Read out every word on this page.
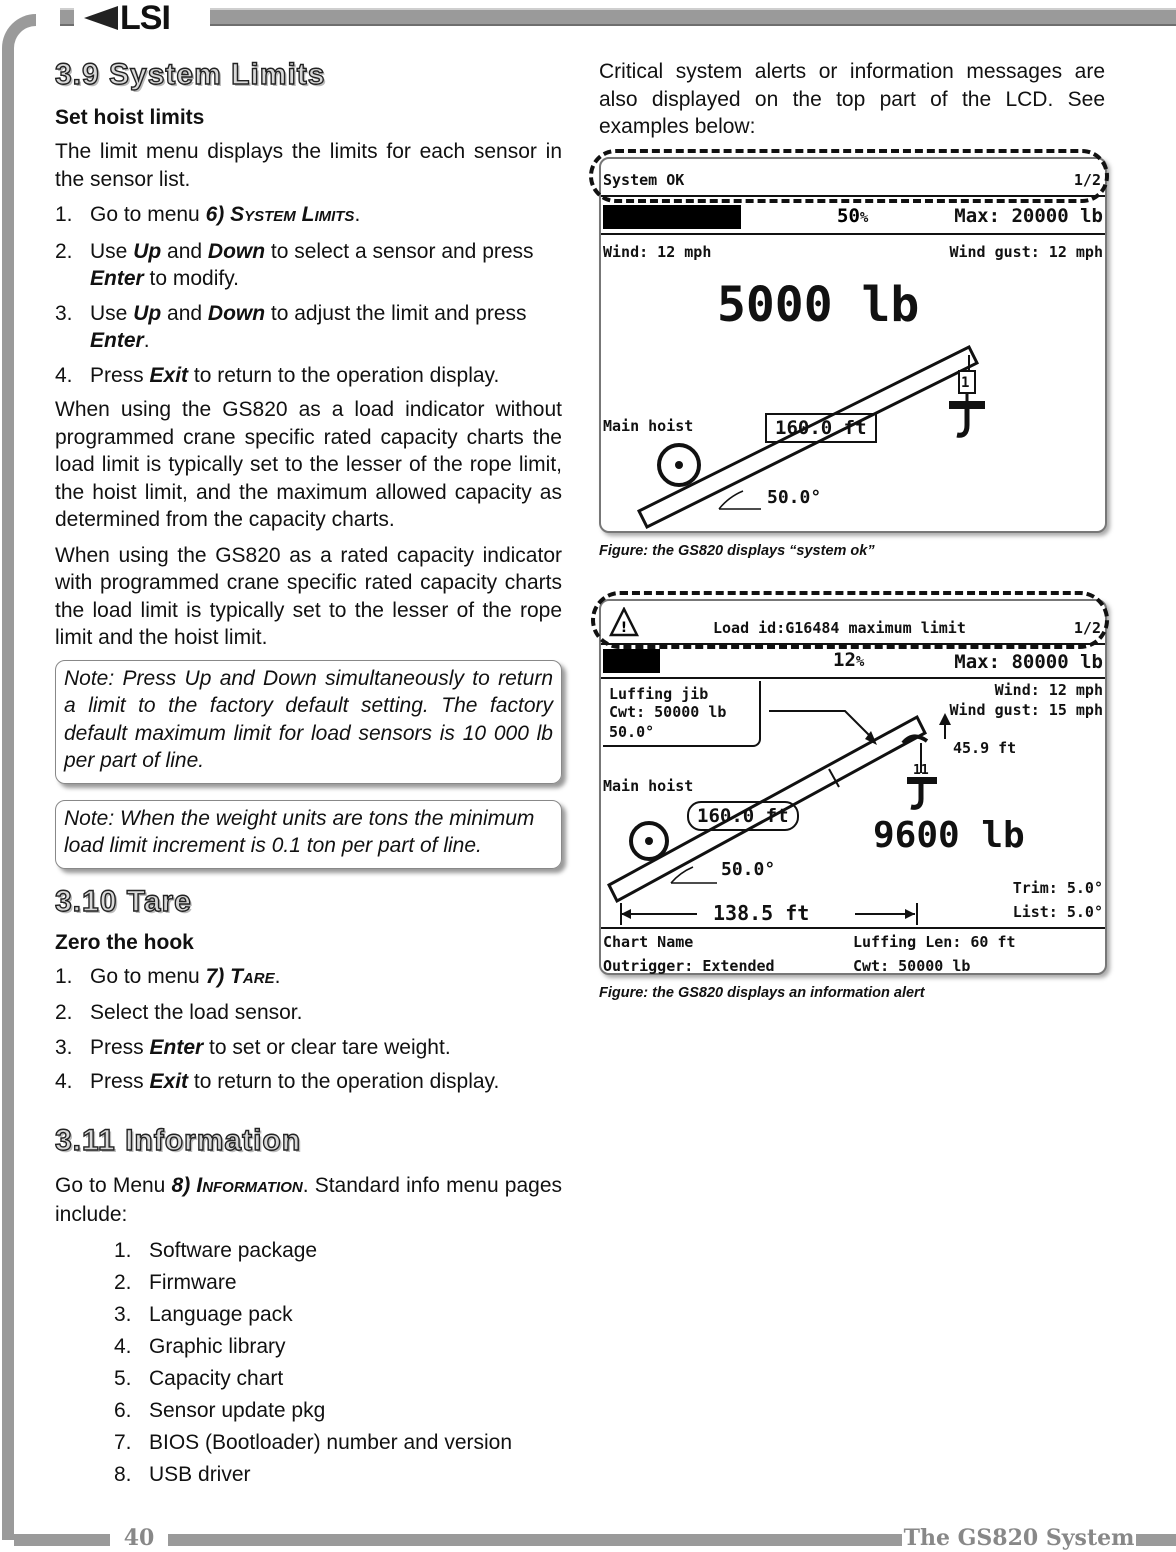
LSI
40	The GS820 System
3.9 System Limits
Set hoist limits

The limit menu displays the limits for each sensor in the sensor list.

1. Go to menu 6) SYSTEM LIMITS.
2. Use Up and Down to select a sensor and press Enter to modify.
3. Use Up and Down to adjust the limit and press Enter.
4. Press Exit to return to the operation display.

When using the GS820 as a load indicator without programmed crane specific rated capacity charts the load limit is typically set to the lesser of the rope limit, the hoist limit, and the maximum allowed capacity as determined from the capacity charts.

When using the GS820 as a rated capacity indicator with programmed crane specific rated capacity charts the load limit is typically set to the lesser of the rope limit and the hoist limit.

Note: Press Up and Down simultaneously to return a limit to the factory default setting. The factory default maximum limit for load sensors is 10 000 lb per part of line.
Note: When the weight units are tons the minimum load limit increment is 0.1 ton per part of line.
3.10 Tare
Zero the hook
1. Go to menu 7) TARE.
2. Select the load sensor.
3. Press Enter to set or clear tare weight.
4. Press Exit to return to the operation display.
3.11 Information

Go to Menu 8) INFORMATION. Standard info menu pages include:

1. Software package
2. Firmware
3. Language pack
4. Graphic library
5. Capacity chart
6. Sensor update pkg
7. BIOS (Bootloader) number and version
8. USB driver

Critical system alerts or information messages are also displayed on the top part of the LCD. See examples below:

System OK	1/2
50%	Max: 20000 lb
Wind: 12 mph	Wind gust: 12 mph
5000 lb
Main hoist
1
160.0 ft
50.0°
Figure: the GS820 displays “system ok”
!	Load id:G16484 maximum limit	1/2
12%	Max: 80000 lb
Luffing jib
Cwt: 50000 lb
50.0°
Wind: 12 mph
Wind gust: 15 mph
45.9 ft
11
Main hoist
160.0 ft 9600 lb
50.0°
Trim: 5.0°
List: 5.0°
138.5 ft
Chart Name	Luffing Len: 60 ft
Outrigger: Extended	Cwt: 50000 lb
Figure: the GS820 displays an information alert
